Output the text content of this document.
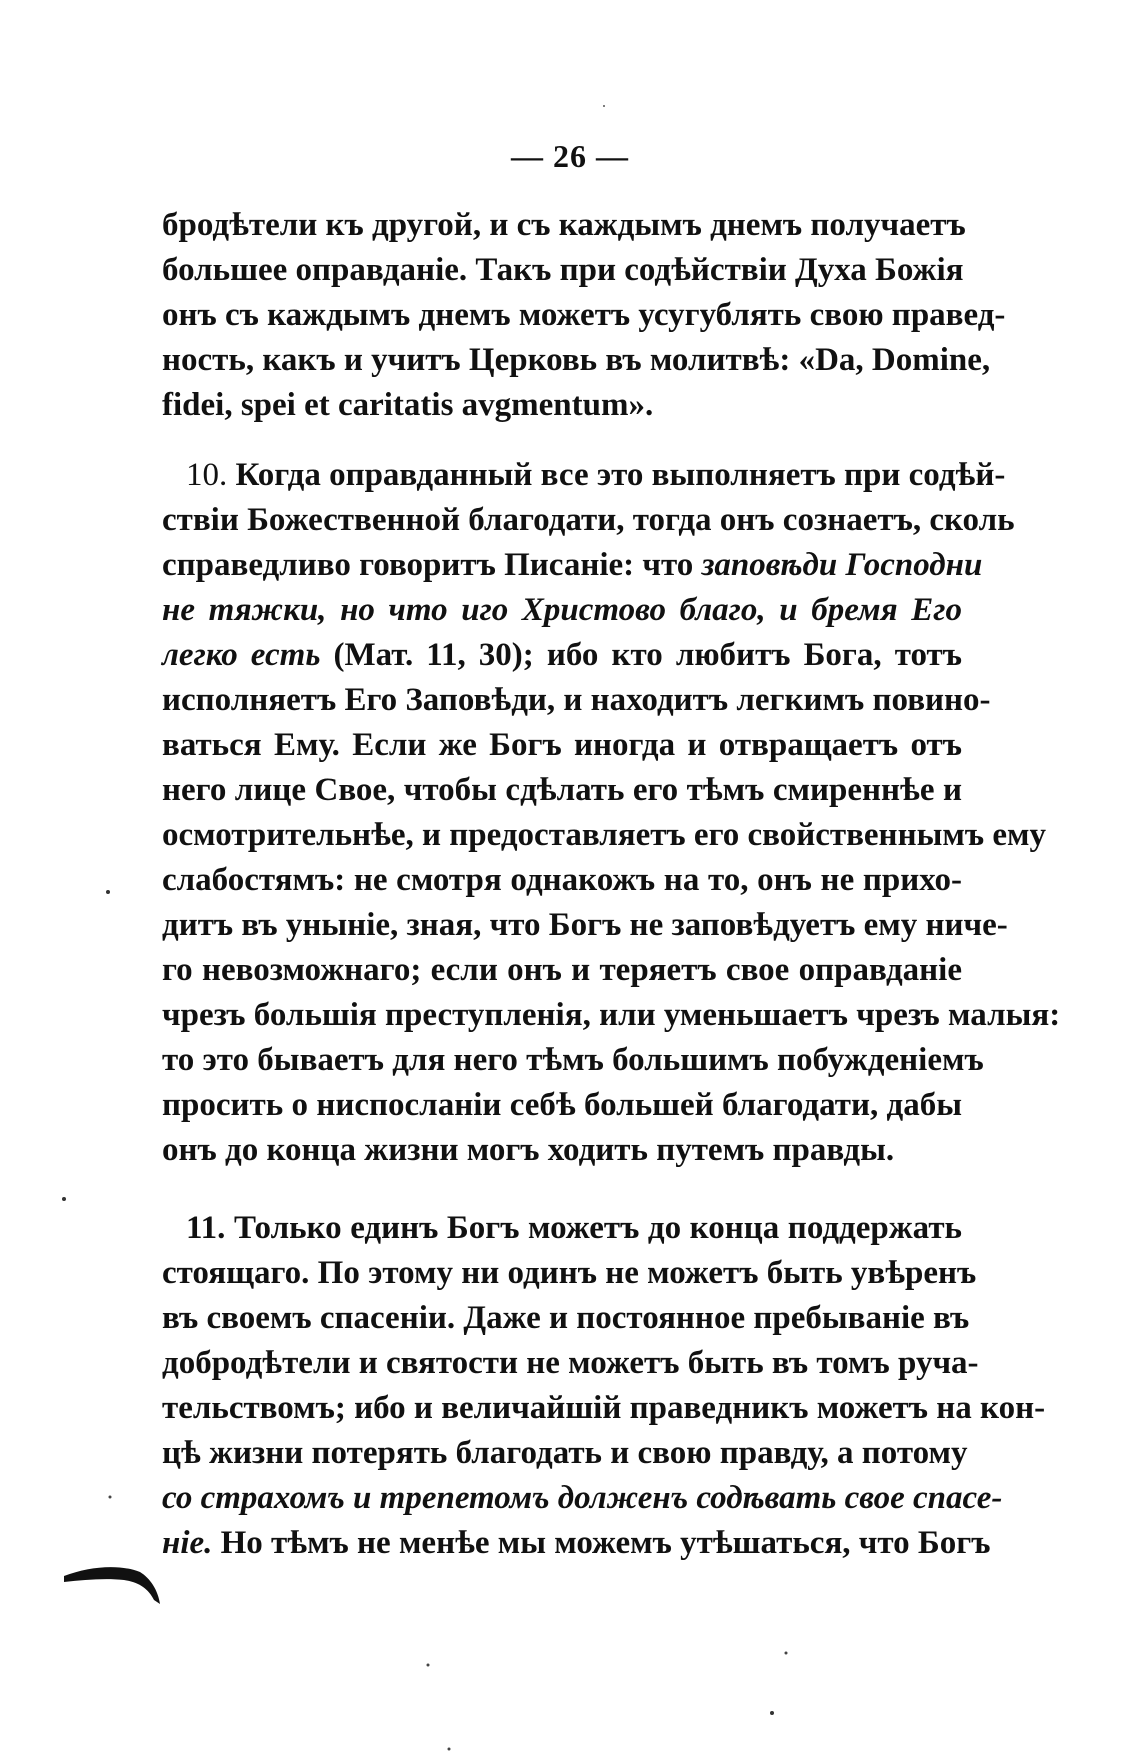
— 26 —
бродѣтели къ другой, и съ каждымъ днемъ получаетъ
большее оправданіе. Такъ при содѣйствіи Духа Божія
онъ съ каждымъ днемъ можетъ усугублять свою правед-
ность, какъ и учитъ Церковь въ молитвѣ: «Da, Domine,
fidei, spei et caritatis avgmentum».
10. Когда оправданный все это выполняетъ при содѣй-
ствіи Божественной благодати, тогда онъ сознаетъ, сколь
справедливо говоритъ Писаніе: что заповѣди Господни
не тяжки, но что иго Христово благо, и бремя Его
легко есть (Мат. 11, 30); ибо кто любитъ Бога, тотъ
исполняетъ Его Заповѣди, и находитъ легкимъ повино-
ваться Ему. Если же Богъ иногда и отвращаетъ отъ
него лице Свое, чтобы сдѣлать его тѣмъ смиреннѣе и
осмотрительнѣе, и предоставляетъ его свойственнымъ ему
слабостямъ: не смотря однакожъ на то, онъ не прихо-
дитъ въ уныніе, зная, что Богъ не заповѣдуетъ ему ниче-
го невозможнаго; если онъ и теряетъ свое оправданіе
чрезъ большія преступленія, или уменьшаетъ чрезъ малыя:
то это бываетъ для него тѣмъ большимъ побужденіемъ
просить о ниспосланіи себѣ большей благодати, дабы
онъ до конца жизни могъ ходить путемъ правды.
11. Только единъ Богъ можетъ до конца поддержать
стоящаго. По этому ни одинъ не можетъ быть увѣренъ
въ своемъ спасеніи. Даже и постоянное пребываніе въ
добродѣтели и святости не можетъ быть въ томъ руча-
тельствомъ; ибо и величайшій праведникъ можетъ на кон-
цѣ жизни потерять благодать и свою правду, а потому
со страхомъ и трепетомъ долженъ содѣвать свое спасе-
ніе. Но тѣмъ не менѣе мы можемъ утѣшаться, что Богъ
